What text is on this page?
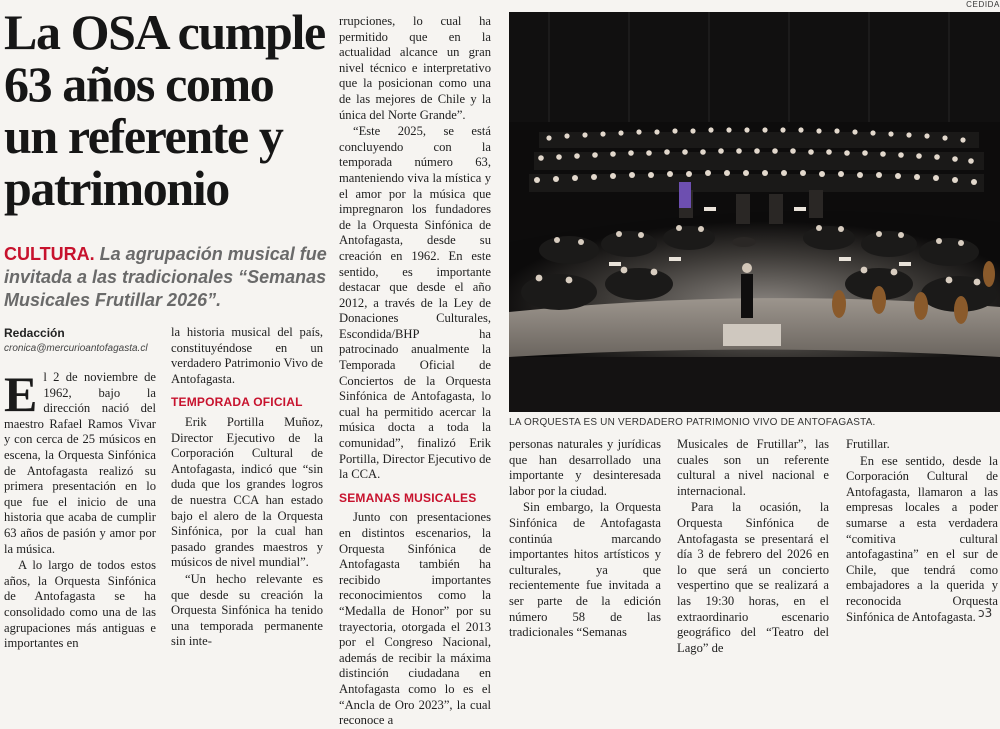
La OSA cumple
63 años como
un referente y
patrimonio
CULTURA. La agrupación musical fue invitada a las tradicionales “Semanas Musicales Frutillar 2026”.
Redacción
cronica@mercurioantofagasta.cl

El 2 de noviembre de 1962, bajo la dirección nació del maestro Rafael Ramos Vivar y con cerca de 25 músicos en escena, la Orquesta Sinfónica de Antofagasta realizó su primera presentación en lo que fue el inicio de una historia que acaba de cumplir 63 años de pasión y amor por la música.

A lo largo de todos estos años, la Orquesta Sinfónica de Antofagasta se ha consolidado como una de las agrupaciones más antiguas e importantes en

la historia musical del país, constituyéndose en un verdadero Patrimonio Vivo de Antofagasta.

TEMPORADA OFICIAL

Erik Portilla Muñoz, Director Ejecutivo de la Corporación Cultural de Antofagasta, indicó que “sin duda que los grandes logros de nuestra CCA han estado bajo el alero de la Orquesta Sinfónica, por la cual han pasado grandes maestros y músicos de nivel mundial”.

“Un hecho relevante es que desde su creación la Orquesta Sinfónica ha tenido una temporada permanente sin inte-

rrupciones, lo cual ha permitido que en la actualidad alcance un gran nivel técnico e interpretativo que la posicionan como una de las mejores de Chile y la única del Norte Grande”.

“Este 2025, se está concluyendo con la temporada número 63, manteniendo viva la mística y el amor por la música que impregnaron los fundadores de la Orquesta Sinfónica de Antofagasta, desde su creación en 1962. En este sentido, es importante destacar que desde el año 2012, a través de la Ley de Donaciones Culturales, Escondida/BHP ha patrocinado anualmente la Temporada Oficial de Conciertos de la Orquesta Sinfónica de Antofagasta, lo cual ha permitido acercar la música docta a toda la comunidad”, finalizó Erik Portilla, Director Ejecutivo de la CCA.

SEMANAS MUSICALES

Junto con presentaciones en distintos escenarios, la Orquesta Sinfónica de Antofagasta también ha recibido importantes reconocimientos como la “Medalla de Honor” por su trayectoria, otorgada el 2013 por el Congreso Nacional, además de recibir la máxima distinción ciudadana en Antofagasta como lo es el “Ancla de Oro 2023”, la cual reconoce a

CEDIDA
LA ORQUESTA ES UN VERDADERO PATRIMONIO VIVO DE ANTOFAGASTA.

personas naturales y jurídicas que han desarrollado una importante y desinteresada labor por la ciudad.

Sin embargo, la Orquesta Sinfónica de Antofagasta continúa marcando importantes hitos artísticos y culturales, ya que recientemente fue invitada a ser parte de la edición número 58 de las tradicionales “Semanas

Musicales de Frutillar”, las cuales son un referente cultural a nivel nacional e internacional.

Para la ocasión, la Orquesta Sinfónica de Antofagasta se presentará el día 3 de febrero del 2026 en lo que será un concierto vespertino que se realizará a las 19:30 horas, en el extraordinario escenario geográfico del “Teatro del Lago” de

Frutillar.

En ese sentido, desde la Corporación Cultural de Antofagasta, llamaron a las empresas locales a poder sumarse a esta verdadera “comitiva cultural antofagastina” en el sur de Chile, que tendrá como embajadores a la querida y reconocida Orquesta Sinfónica de Antofagasta. ↄ3
